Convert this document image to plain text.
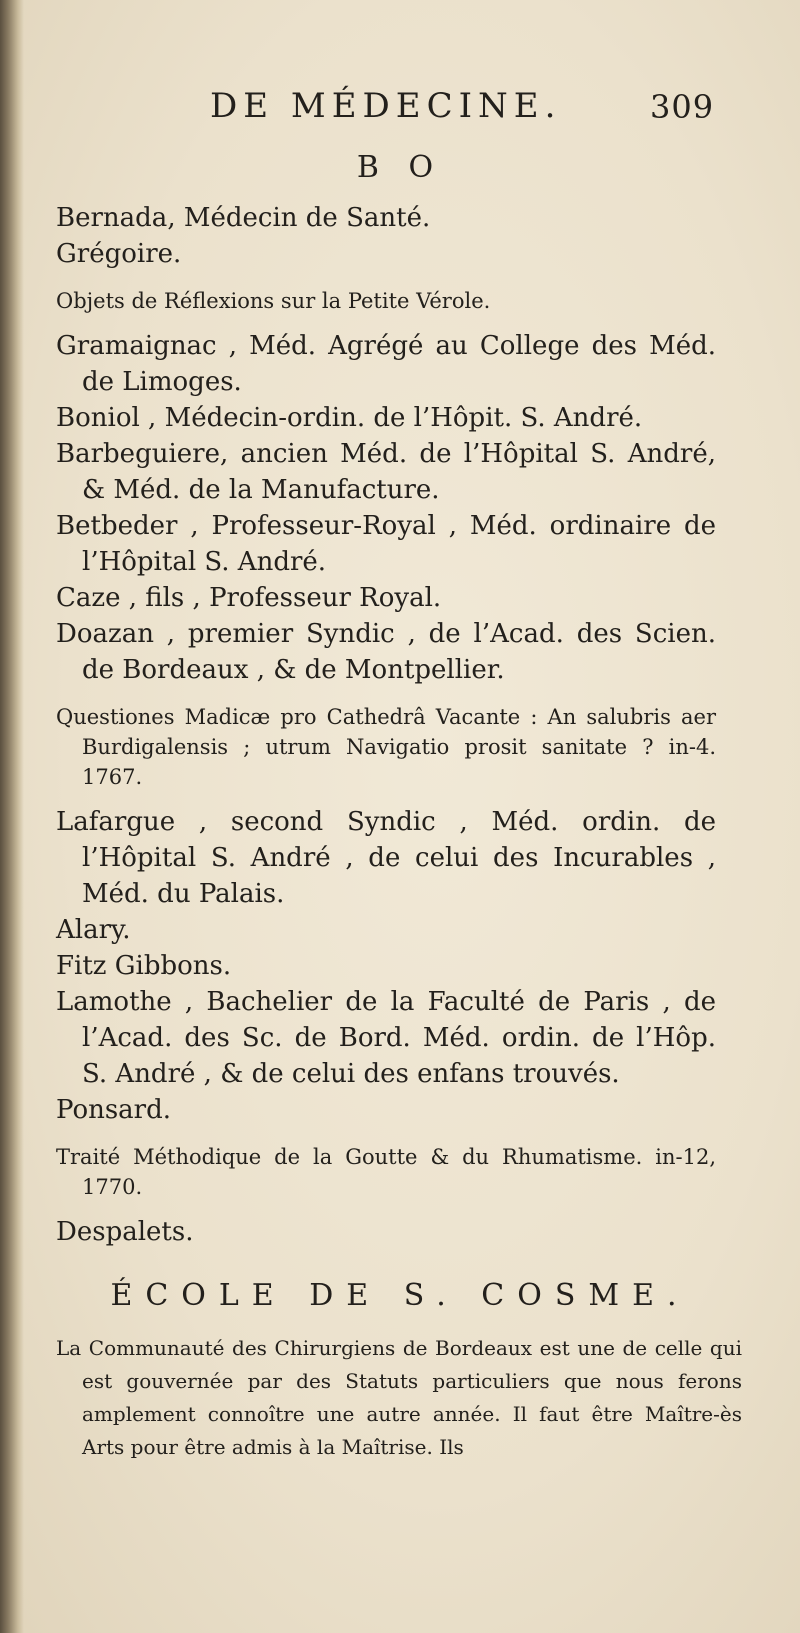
DE MÉDECINE.	309
B O

Bernada, Médecin de Santé.

Grégoire.

Objets de Réflexions sur la Petite Vérole.

Gramaignac , Méd. Agrégé au College des Méd. de Limoges.

Boniol , Médecin-ordin. de l’Hôpit. S. André.

Barbeguiere, ancien Méd. de l’Hôpital S. André, & Méd. de la Manufacture.

Betbeder , Professeur-Royal , Méd. ordinaire de l’Hôpital S. André.

Caze , fils , Professeur Royal.

Doazan , premier Syndic , de l’Acad. des Scien. de Bordeaux , & de Montpellier.

Questiones Madicæ pro Cathedrâ Vacante : An salubris aer Burdigalensis ; utrum Navigatio prosit sanitate ? in-4. 1767.

Lafargue , second Syndic , Méd. ordin. de l’Hôpital S. André , de celui des Incurables , Méd. du Palais.

Alary.

Fitz Gibbons.

Lamothe , Bachelier de la Faculté de Paris , de l’Acad. des Sc. de Bord. Méd. ordin. de l’Hôp. S. André , & de celui des enfans trouvés.

Ponsard.

Traité Méthodique de la Goutte & du Rhumatisme. in-12, 1770.

Despalets.

ÉCOLE DE S. COSME.

La Communauté des Chirurgiens de Bordeaux est une de celle qui est gouvernée par des Statuts particuliers que nous ferons amplement connoître une autre année. Il faut être Maître-ès Arts pour être admis à la Maîtrise. Ils
